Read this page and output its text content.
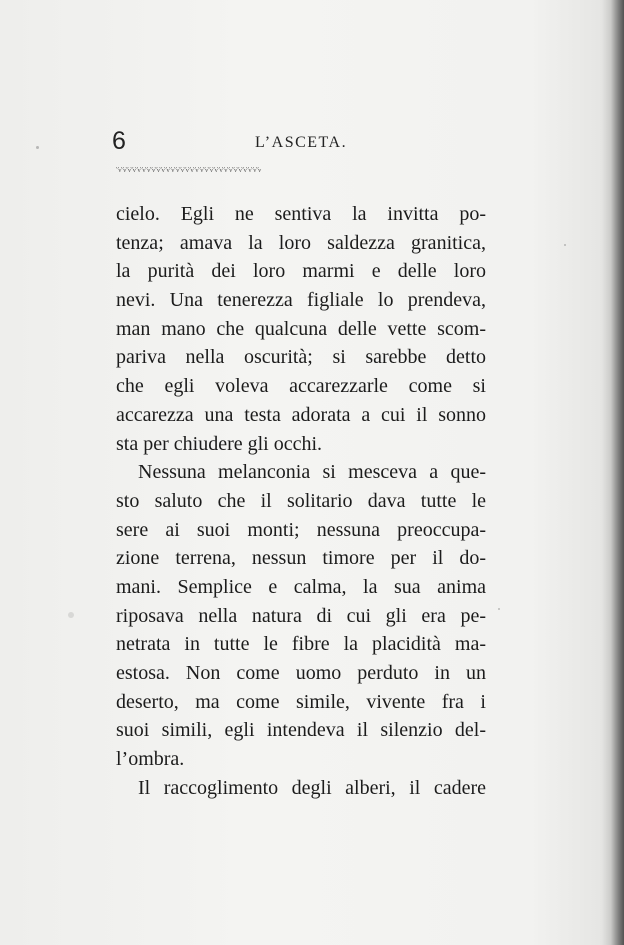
6	L’ASCETA.
ᵕᵥᵕᵥᵕᵥᵕᵥᵕᵥᵕᵥᵕᵥᵕᵥᵕᵥᵕᵥᵕᵥᵕᵥᵕᵥᵕᵥᵕᵥᵕᵥᵕᵥᵕᵥᵕᵥᵕᵥᵕᵥᵕᵥᵕᵥᵕᵥᵕᵥᵕᵥᵕᵥᵕᵥᵕᵥᵕᵥ
cielo. Egli ne sentiva la invitta po-
tenza; amava la loro saldezza granitica,
la purità dei loro marmi e delle loro
nevi. Una tenerezza figliale lo prendeva,
man mano che qualcuna delle vette scom-
pariva nella oscurità; si sarebbe detto
che egli voleva accarezzarle come si
accarezza una testa adorata a cui il sonno
sta per chiudere gli occhi.
Nessuna melanconia si mesceva a que-
sto saluto che il solitario dava tutte le
sere ai suoi monti; nessuna preoccupa-
zione terrena, nessun timore per il do-
mani. Semplice e calma, la sua anima
riposava nella natura di cui gli era pe-
netrata in tutte le fibre la placidità ma-
estosa. Non come uomo perduto in un
deserto, ma come simile, vivente fra i
suoi simili, egli intendeva il silenzio del-
l’ombra.
Il raccoglimento degli alberi, il cadere
